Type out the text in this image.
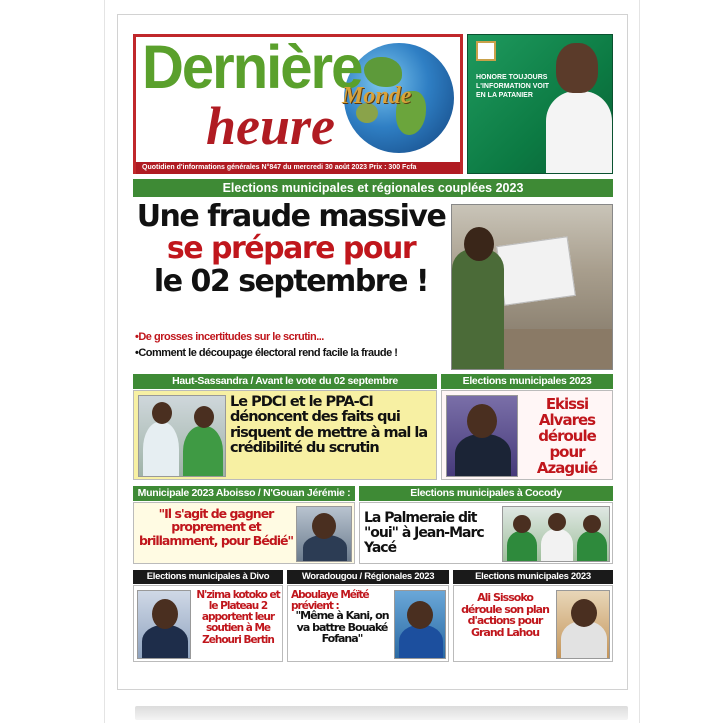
Dernière
heure Monde
Quotidien d'informations générales N°847 du mercredi 30 août 2023 Prix : 300 Fcfa
HONORE TOUJOURS L'INFORMATION VOIT EN LA PATANIER
Elections municipales et régionales couplées 2023
Une fraude massive
se prépare pour
le 02 septembre !
•De grosses incertitudes sur le scrutin...
•Comment le découpage électoral rend facile la fraude !
Haut-Sassandra / Avant le vote du 02 septembre
Le PDCI et le PPA-CI dénoncent des faits qui risquent de mettre à mal la crédibilité du scrutin
Elections municipales 2023
Ekissi Alvares déroule pour Azaguié
Municipale 2023 Aboisso / N'Gouan Jérémie :
"Il s'agit de gagner proprement et brillamment, pour Bédié"
Elections municipales à Cocody
La Palmeraie dit "oui" à Jean-Marc Yacé
Elections municipales à Divo
N'zima kotoko et le Plateau 2 apportent leur soutien à Me Zehouri Bertin
Woradougou / Régionales 2023
Aboulaye Méïté prévient :
"Même à Kani, on va battre Bouaké Fofana"
Elections municipales 2023
Ali Sissoko déroule son plan d'actions pour Grand Lahou
